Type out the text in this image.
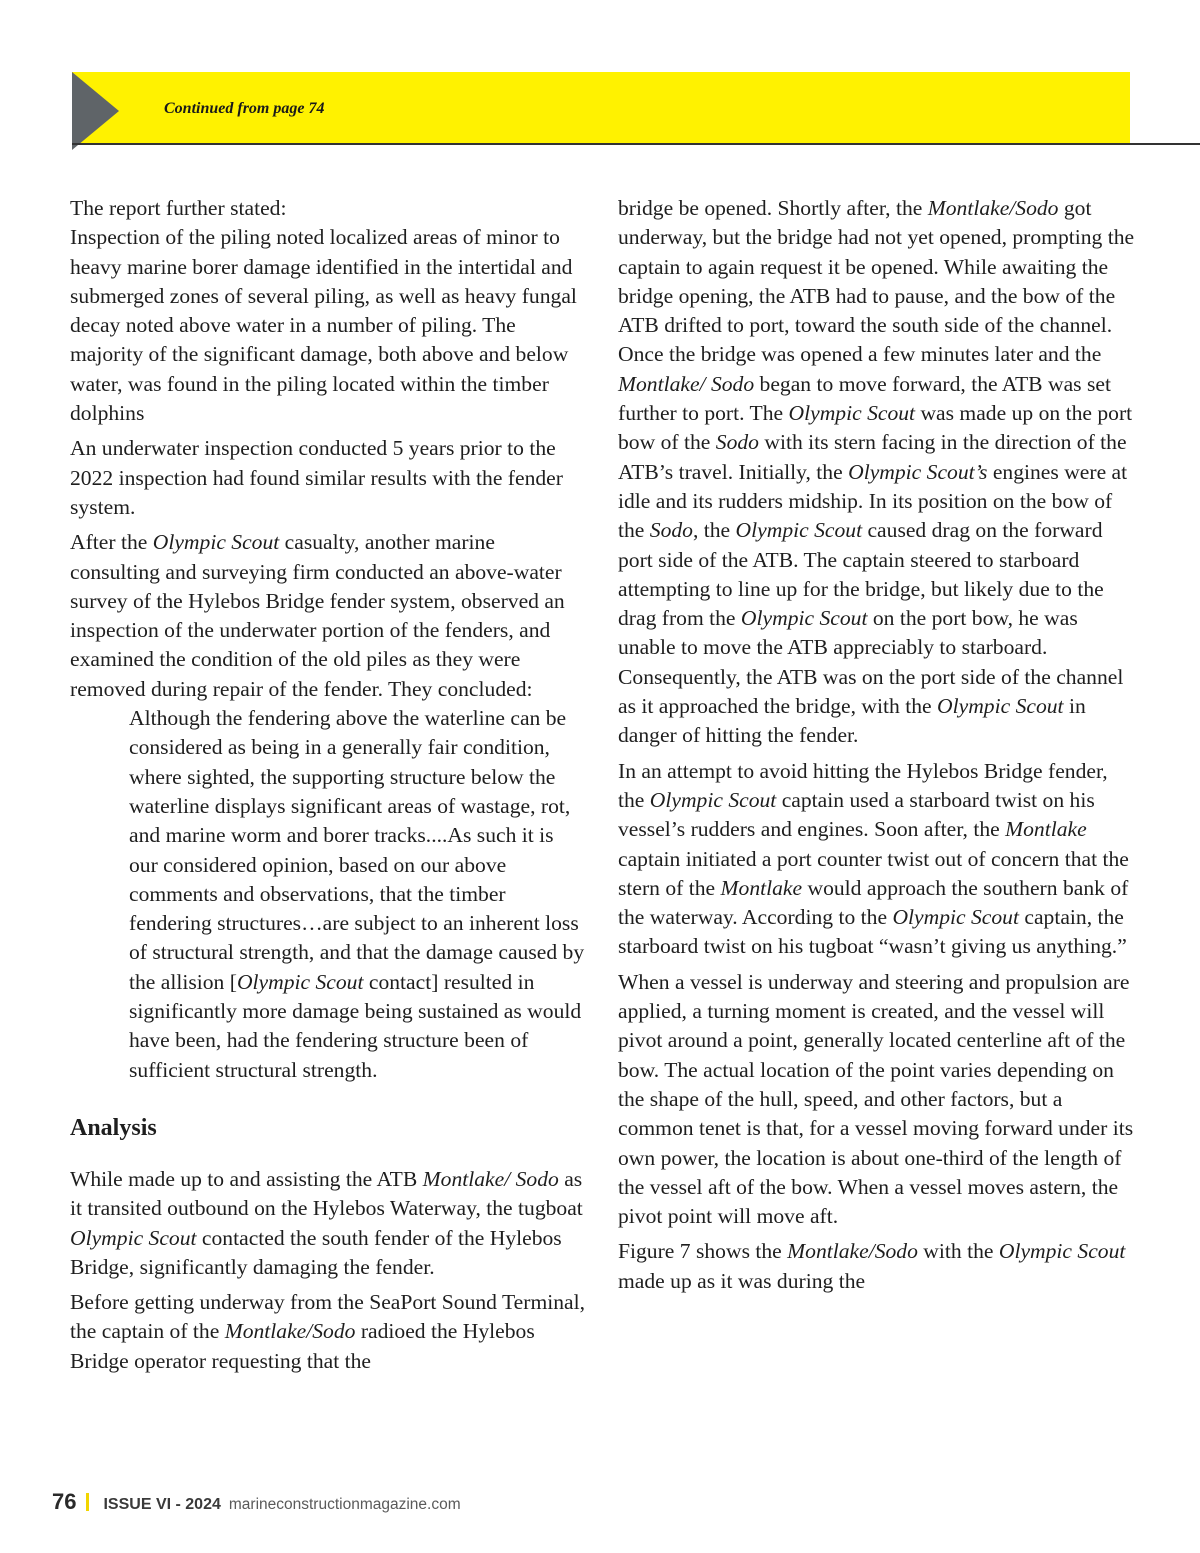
Continued from page 74

The report further stated:

Inspection of the piling noted localized areas of minor to heavy marine borer damage identified in the intertidal and submerged zones of several piling, as well as heavy fungal decay noted above water in a number of piling. The majority of the significant damage, both above and below water, was found in the piling located within the timber dolphins

An underwater inspection conducted 5 years prior to the 2022 inspection had found similar results with the fender system.

After the Olympic Scout casualty, another marine consulting and surveying firm conducted an above-water survey of the Hylebos Bridge fender system, observed an inspection of the underwater portion of the fenders, and examined the condition of the old piles as they were removed during repair of the fender. They concluded:

Although the fendering above the waterline can be considered as being in a generally fair condition, where sighted, the supporting structure below the waterline displays significant areas of wastage, rot, and marine worm and borer tracks....As such it is our considered opinion, based on our above comments and observations, that the timber fendering structures…are subject to an inherent loss of structural strength, and that the damage caused by the allision [Olympic Scout contact] resulted in significantly more damage being sustained as would have been, had the fendering structure been of sufficient structural strength.

Analysis

While made up to and assisting the ATB Montlake/ Sodo as it transited outbound on the Hylebos Waterway, the tugboat Olympic Scout contacted the south fender of the Hylebos Bridge, significantly damaging the fender.

Before getting underway from the SeaPort Sound Terminal, the captain of the Montlake/Sodo radioed the Hylebos Bridge operator requesting that the

bridge be opened. Shortly after, the Montlake/Sodo got underway, but the bridge had not yet opened, prompting the captain to again request it be opened. While awaiting the bridge opening, the ATB had to pause, and the bow of the ATB drifted to port, toward the south side of the channel. Once the bridge was opened a few minutes later and the Montlake/ Sodo began to move forward, the ATB was set further to port. The Olympic Scout was made up on the port bow of the Sodo with its stern facing in the direction of the ATB’s travel. Initially, the Olympic Scout’s engines were at idle and its rudders midship. In its position on the bow of the Sodo, the Olympic Scout caused drag on the forward port side of the ATB. The captain steered to starboard attempting to line up for the bridge, but likely due to the drag from the Olympic Scout on the port bow, he was unable to move the ATB appreciably to starboard. Consequently, the ATB was on the port side of the channel as it approached the bridge, with the Olympic Scout in danger of hitting the fender.

In an attempt to avoid hitting the Hylebos Bridge fender, the Olympic Scout captain used a starboard twist on his vessel’s rudders and engines. Soon after, the Montlake captain initiated a port counter twist out of concern that the stern of the Montlake would approach the southern bank of the waterway. According to the Olympic Scout captain, the starboard twist on his tugboat “wasn’t giving us anything.”

When a vessel is underway and steering and propulsion are applied, a turning moment is created, and the vessel will pivot around a point, generally located centerline aft of the bow. The actual location of the point varies depending on the shape of the hull, speed, and other factors, but a common tenet is that, for a vessel moving forward under its own power, the location is about one-third of the length of the vessel aft of the bow. When a vessel moves astern, the pivot point will move aft.

Figure 7 shows the Montlake/Sodo with the Olympic Scout made up as it was during the

76 ISSUE VI - 2024 marineconstructionmagazine.com
